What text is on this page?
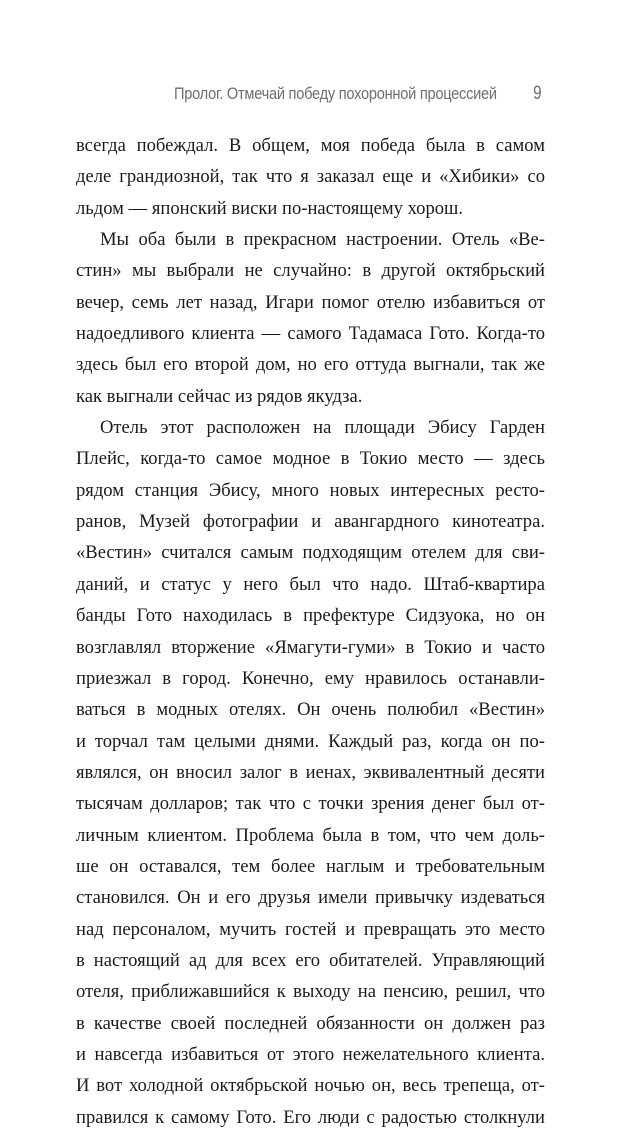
Пролог. Отмечай победу похоронной процессией 9
всегда побеждал. В общем, моя победа была в самом
деле грандиозной, так что я заказал еще и «Хибики» со
льдом — японский виски по-настоящему хорош.
Мы оба были в прекрасном настроении. Отель «Ве-
стин» мы выбрали не случайно: в другой октябрьский
вечер, семь лет назад, Игари помог отелю избавиться от
надоедливого клиента — самого Тадамаса Гото. Когда-то
здесь был его второй дом, но его оттуда выгнали, так же
как выгнали сейчас из рядов якудза.
Отель этот расположен на площади Эбису Гарден
Плейс, когда-то самое модное в Токио место — здесь
рядом станция Эбису, много новых интересных ресто-
ранов, Музей фотографии и авангардного кинотеатра.
«Вестин» считался самым подходящим отелем для сви-
даний, и статус у него был что надо. Штаб-квартира
банды Гото находилась в префектуре Сидзуока, но он
возглавлял вторжение «Ямагути-гуми» в Токио и часто
приезжал в город. Конечно, ему нравилось останавли-
ваться в модных отелях. Он очень полюбил «Вестин»
и торчал там целыми днями. Каждый раз, когда он по-
являлся, он вносил залог в иенах, эквивалентный десяти
тысячам долларов; так что с точки зрения денег был от-
личным клиентом. Проблема была в том, что чем доль-
ше он оставался, тем более наглым и требовательным
становился. Он и его друзья имели привычку издеваться
над персоналом, мучить гостей и превращать это место
в настоящий ад для всех его обитателей. Управляющий
отеля, приближавшийся к выходу на пенсию, решил, что
в качестве своей последней обязанности он должен раз
и навсегда избавиться от этого нежелательного клиента.
И вот холодной октябрьской ночью он, весь трепеща, от-
правился к самому Гото. Его люди с радостью столкнули
